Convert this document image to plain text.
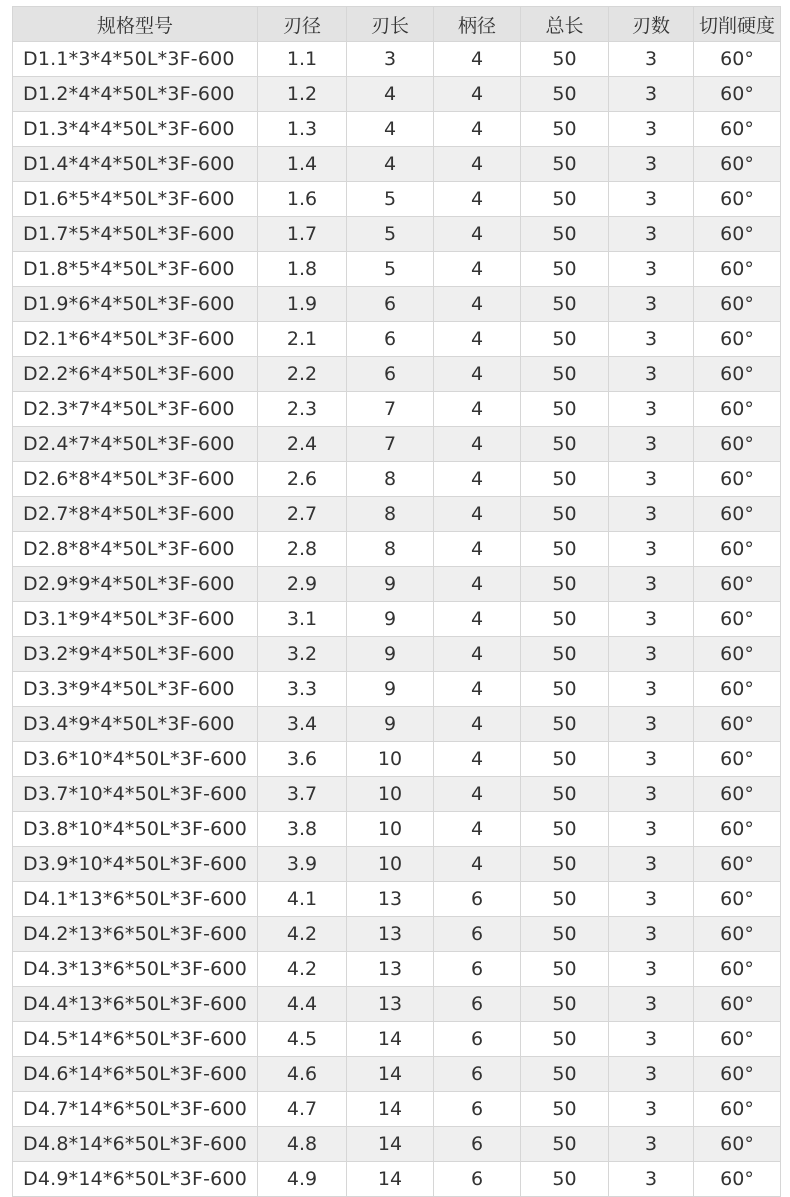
规格型号	刃径	刃长	柄径	总长	刃数	切削硬度
D1.1*3*4*50L*3F-600	1.1	3	4	50	3	60°
D1.2*4*4*50L*3F-600	1.2	4	4	50	3	60°
D1.3*4*4*50L*3F-600	1.3	4	4	50	3	60°
D1.4*4*4*50L*3F-600	1.4	4	4	50	3	60°
D1.6*5*4*50L*3F-600	1.6	5	4	50	3	60°
D1.7*5*4*50L*3F-600	1.7	5	4	50	3	60°
D1.8*5*4*50L*3F-600	1.8	5	4	50	3	60°
D1.9*6*4*50L*3F-600	1.9	6	4	50	3	60°
D2.1*6*4*50L*3F-600	2.1	6	4	50	3	60°
D2.2*6*4*50L*3F-600	2.2	6	4	50	3	60°
D2.3*7*4*50L*3F-600	2.3	7	4	50	3	60°
D2.4*7*4*50L*3F-600	2.4	7	4	50	3	60°
D2.6*8*4*50L*3F-600	2.6	8	4	50	3	60°
D2.7*8*4*50L*3F-600	2.7	8	4	50	3	60°
D2.8*8*4*50L*3F-600	2.8	8	4	50	3	60°
D2.9*9*4*50L*3F-600	2.9	9	4	50	3	60°
D3.1*9*4*50L*3F-600	3.1	9	4	50	3	60°
D3.2*9*4*50L*3F-600	3.2	9	4	50	3	60°
D3.3*9*4*50L*3F-600	3.3	9	4	50	3	60°
D3.4*9*4*50L*3F-600	3.4	9	4	50	3	60°
D3.6*10*4*50L*3F-600	3.6	10	4	50	3	60°
D3.7*10*4*50L*3F-600	3.7	10	4	50	3	60°
D3.8*10*4*50L*3F-600	3.8	10	4	50	3	60°
D3.9*10*4*50L*3F-600	3.9	10	4	50	3	60°
D4.1*13*6*50L*3F-600	4.1	13	6	50	3	60°
D4.2*13*6*50L*3F-600	4.2	13	6	50	3	60°
D4.3*13*6*50L*3F-600	4.2	13	6	50	3	60°
D4.4*13*6*50L*3F-600	4.4	13	6	50	3	60°
D4.5*14*6*50L*3F-600	4.5	14	6	50	3	60°
D4.6*14*6*50L*3F-600	4.6	14	6	50	3	60°
D4.7*14*6*50L*3F-600	4.7	14	6	50	3	60°
D4.8*14*6*50L*3F-600	4.8	14	6	50	3	60°
D4.9*14*6*50L*3F-600	4.9	14	6	50	3	60°
